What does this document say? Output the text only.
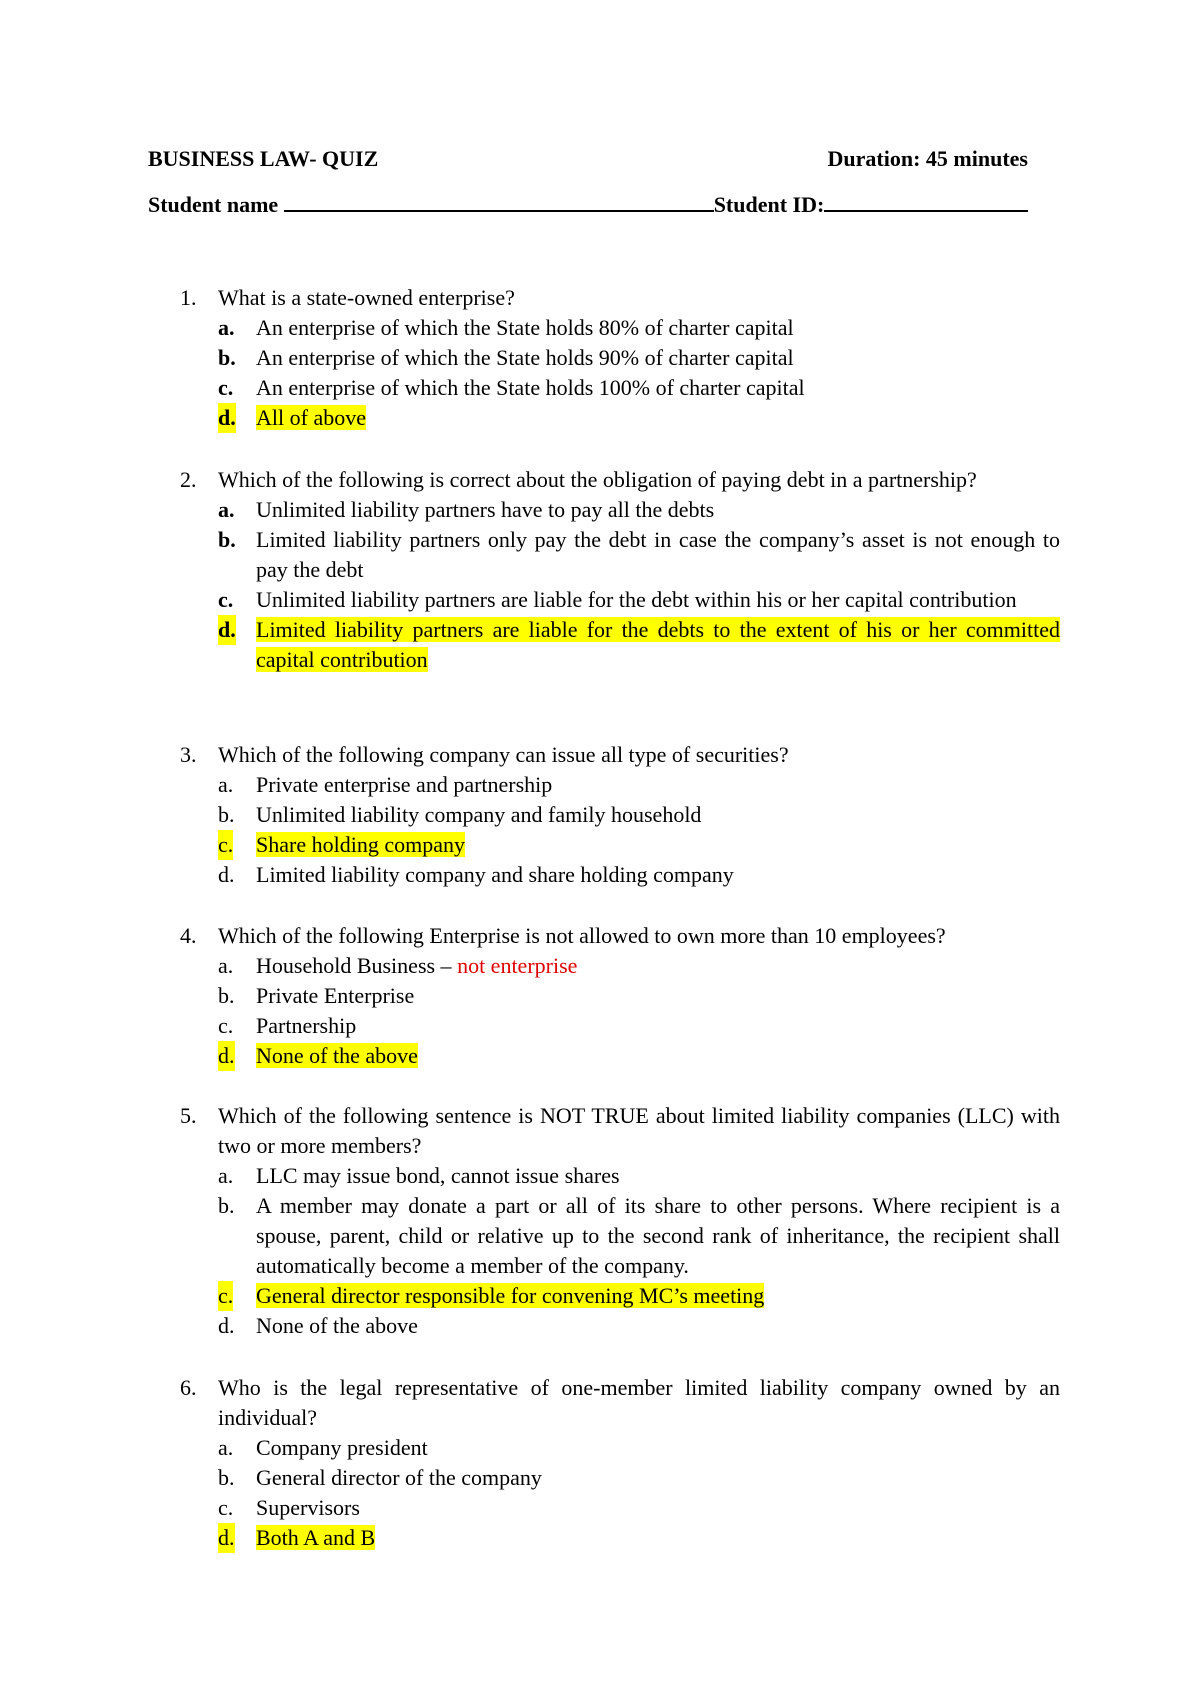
BUSINESS LAW- QUIZ	Duration: 45 minutes
Student name	Student ID:
1. What is a state-owned enterprise?
a. An enterprise of which the State holds 80% of charter capital
b. An enterprise of which the State holds 90% of charter capital
c. An enterprise of which the State holds 100% of charter capital
d. All of above
2. Which of the following is correct about the obligation of paying debt in a partnership?
a. Unlimited liability partners have to pay all the debts
b. Limited liability partners only pay the debt in case the company’s asset is not enough to pay the debt
c. Unlimited liability partners are liable for the debt within his or her capital contribution
d. Limited liability partners are liable for the debts to the extent of his or her committed capital contribution
3. Which of the following company can issue all type of securities?
a. Private enterprise and partnership
b. Unlimited liability company and family household
c. Share holding company
d. Limited liability company and share holding company
4. Which of the following Enterprise is not allowed to own more than 10 employees?
a. Household Business – not enterprise
b. Private Enterprise
c. Partnership
d. None of the above
5. Which of the following sentence is NOT TRUE about limited liability companies (LLC) with two or more members?
a. LLC may issue bond, cannot issue shares
b. A member may donate a part or all of its share to other persons. Where recipient is a spouse, parent, child or relative up to the second rank of inheritance, the recipient shall automatically become a member of the company.
c. General director responsible for convening MC’s meeting
d. None of the above
6. Who is the legal representative of one-member limited liability company owned by an individual?
a. Company president
b. General director of the company
c. Supervisors
d. Both A and B
